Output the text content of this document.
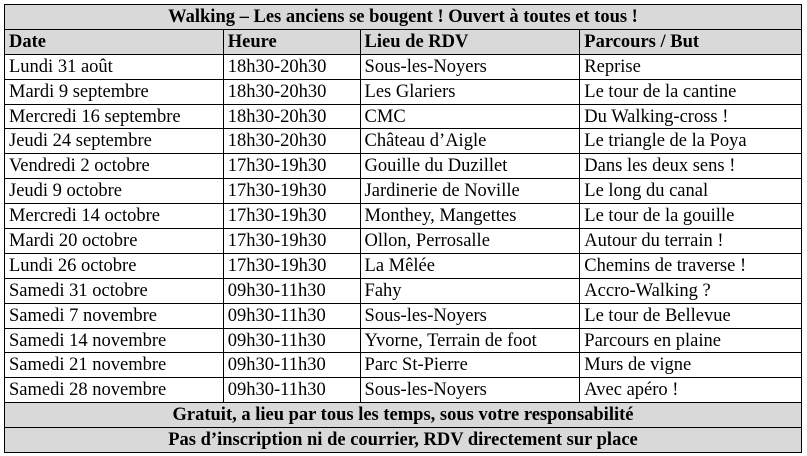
Walking – Les anciens se bougent ! Ouvert à toutes et tous !			
Date	Heure	Lieu de RDV	Parcours / But
Lundi 31 août	18h30-20h30	Sous-les-Noyers	Reprise
Mardi 9 septembre	18h30-20h30	Les Glariers	Le tour de la cantine
Mercredi 16 septembre	18h30-20h30	CMC	Du Walking-cross !
Jeudi 24 septembre	18h30-20h30	Château d’Aigle	Le triangle de la Poya
Vendredi 2 octobre	17h30-19h30	Gouille du Duzillet	Dans les deux sens !
Jeudi 9 octobre	17h30-19h30	Jardinerie de Noville	Le long du canal
Mercredi 14 octobre	17h30-19h30	Monthey, Mangettes	Le tour de la gouille
Mardi 20 octobre	17h30-19h30	Ollon, Perrosalle	Autour du terrain !
Lundi 26 octobre	17h30-19h30	La Mêlée	Chemins de traverse !
Samedi 31 octobre	09h30-11h30	Fahy	Accro-Walking ?
Samedi 7 novembre	09h30-11h30	Sous-les-Noyers	Le tour de Bellevue
Samedi 14 novembre	09h30-11h30	Yvorne, Terrain de foot	Parcours en plaine
Samedi 21 novembre	09h30-11h30	Parc St-Pierre	Murs de vigne
Samedi 28 novembre	09h30-11h30	Sous-les-Noyers	Avec apéro !
Gratuit, a lieu par tous les temps, sous votre responsabilité			
Pas d’inscription ni de courrier, RDV directement sur place			
